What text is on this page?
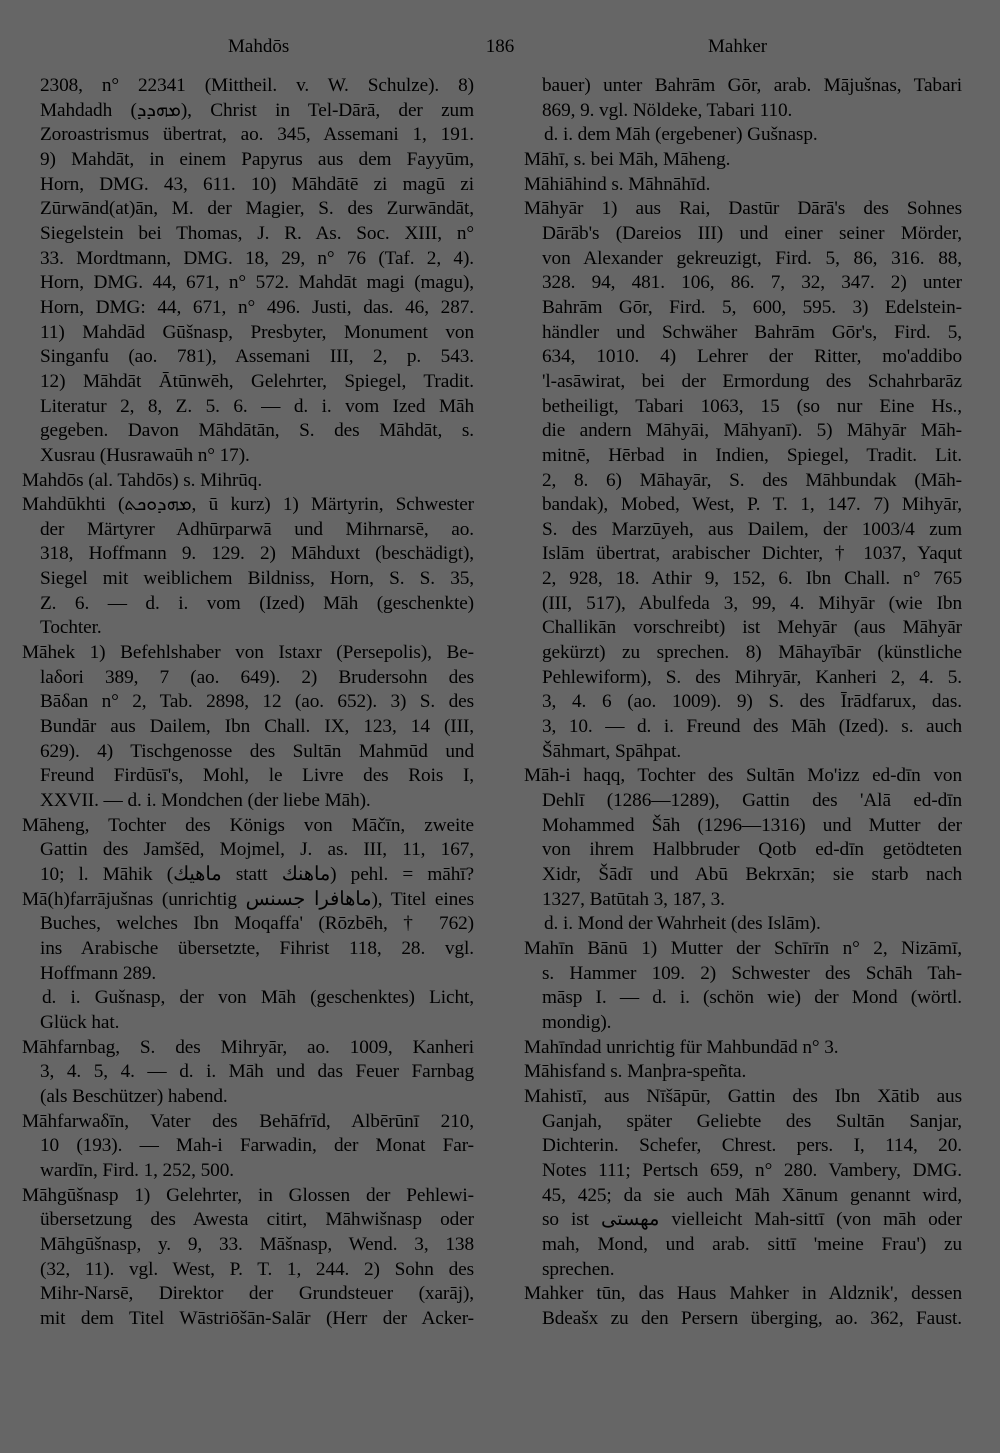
Mahdōs	186	Mahker
2308, n° 22341 (Mittheil. v. W. Schulze). 8)
Mahdadh (ܡܗܕܕ), Christ in Tel-Dārā, der zum
Zoroastrismus übertrat, ao. 345, Assemani 1, 191.
9) Mahdāt, in einem Papyrus aus dem Fayyūm,
Horn, DMG. 43, 611. 10) Māhdātē zi magū zi
Zūrwānd(at)ān, M. der Magier, S. des Zurwāndāt,
Siegelstein bei Thomas, J. R. As. Soc. XIII, n°
33. Mordtmann, DMG. 18, 29, n° 76 (Taf. 2, 4).
Horn, DMG. 44, 671, n° 572. Mahdāt magi (magu),
Horn, DMG: 44, 671, n° 496. Justi, das. 46, 287.
11) Mahdād Gūšnasp, Presbyter, Monument von
Singanfu (ao. 781), Assemani III, 2, p. 543.
12) Māhdāt Ātūnwēh, Gelehrter, Spiegel, Tradit.
Literatur 2, 8, Z. 5. 6. — d. i. vom Ized Māh
gegeben. Davon Māhdātān, S. des Māhdāt, s.
Xusrau (Husrawaūh n° 17).
Mahdōs (al. Tahdōs) s. Mihrūq.
Mahdūkhti (ܡܗܕܘܟܬ, ū kurz) 1) Märtyrin, Schwester
der Märtyrer Adhūrparwā und Mihrnarsē, ao.
318, Hoffmann 9. 129. 2) Māhduxt (beschädigt),
Siegel mit weiblichem Bildniss, Horn, S. S. 35,
Z. 6. — d. i. vom (Ized) Māh (geschenkte)
Tochter.
Māhek 1) Befehlshaber von Istaxr (Persepolis), Be-
laδori 389, 7 (ao. 649). 2) Brudersohn des
Bāδan n° 2, Tab. 2898, 12 (ao. 652). 3) S. des
Bundār aus Dailem, Ibn Chall. IX, 123, 14 (III,
629). 4) Tischgenosse des Sultān Mahmūd und
Freund Firdūsī's, Mohl, le Livre des Rois I,
XXVII. — d. i. Mondchen (der liebe Māh).
Māheng, Tochter des Königs von Māčīn, zweite
Gattin des Jamšēd, Mojmel, J. as. III, 11, 167,
10; l. Māhik (ماهيك statt ماهنك) pehl. = māhī?
Mā(h)farrājušnas (unrichtig ماهافرا جسنس), Titel eines
Buches, welches Ibn Moqaffa' (Rōzbēh, † 762)
ins Arabische übersetzte, Fihrist 118, 28. vgl.
Hoffmann 289.
d. i. Gušnasp, der von Māh (geschenktes) Licht,
Glück hat.
Māhfarnbag, S. des Mihryār, ao. 1009, Kanheri
3, 4. 5, 4. — d. i. Māh und das Feuer Farnbag
(als Beschützer) habend.
Māhfarwaδīn, Vater des Behāfrīd, Albērūnī 210,
10 (193). — Mah-i Farwadin, der Monat Far-
wardīn, Fird. 1, 252, 500.
Māhgūšnasp 1) Gelehrter, in Glossen der Pehlewi-
übersetzung des Awesta citirt, Māhwišnasp oder
Māhgūšnasp, y. 9, 33. Māšnasp, Wend. 3, 138
(32, 11). vgl. West, P. T. 1, 244. 2) Sohn des
Mihr-Narsē, Direktor der Grundsteuer (xarāj),
mit dem Titel Wāstriōšān-Salār (Herr der Acker-
bauer) unter Bahrām Gōr, arab. Mājušnas, Tabari
869, 9. vgl. Nöldeke, Tabari 110.
d. i. dem Māh (ergebener) Gušnasp.
Māhī, s. bei Māh, Māheng.
Māhiāhind s. Māhnāhīd.
Māhyār 1) aus Rai, Dastūr Dārā's des Sohnes
Dārāb's (Dareios III) und einer seiner Mörder,
von Alexander gekreuzigt, Fird. 5, 86, 316. 88,
328. 94, 481. 106, 86. 7, 32, 347. 2) unter
Bahrām Gōr, Fird. 5, 600, 595. 3) Edelstein-
händler und Schwäher Bahrām Gōr's, Fird. 5,
634, 1010. 4) Lehrer der Ritter, mo'addibo
'l-asāwirat, bei der Ermordung des Schahrbarāz
betheiligt, Tabari 1063, 15 (so nur Eine Hs.,
die andern Māhyāi, Māhyanī). 5) Māhyār Māh-
mitnē, Hērbad in Indien, Spiegel, Tradit. Lit.
2, 8. 6) Māhayār, S. des Māhbundak (Māh-
bandak), Mobed, West, P. T. 1, 147. 7) Mihyār,
S. des Marzūyeh, aus Dailem, der 1003/4 zum
Islām übertrat, arabischer Dichter, † 1037, Yaqut
2, 928, 18. Athir 9, 152, 6. Ibn Chall. n° 765
(III, 517), Abulfeda 3, 99, 4. Mihyār (wie Ibn
Challikān vorschreibt) ist Mehyār (aus Māhyār
gekürzt) zu sprechen. 8) Māhayībār (künstliche
Pehlewiform), S. des Mihryār, Kanheri 2, 4. 5.
3, 4. 6 (ao. 1009). 9) S. des Īrādfarux, das.
3, 10. — d. i. Freund des Māh (Ized). s. auch
Šāhmart, Spāhpat.
Māh-i haqq, Tochter des Sultān Mo'izz ed-dīn von
Dehlī (1286—1289), Gattin des 'Alā ed-dīn
Mohammed Šāh (1296—1316) und Mutter der
von ihrem Halbbruder Qotb ed-dīn getödteten
Xidr, Šādī und Abū Bekrxān; sie starb nach
1327, Batūtah 3, 187, 3.
d. i. Mond der Wahrheit (des Islām).
Mahīn Bānū 1) Mutter der Schīrīn n° 2, Nizāmī,
s. Hammer 109. 2) Schwester des Schāh Tah-
māsp I. — d. i. (schön wie) der Mond (wörtl.
mondig).
Mahīndad unrichtig für Mahbundād n° 3.
Māhisfand s. Manþra-speñta.
Mahistī, aus Nīšāpūr, Gattin des Ibn Xātib aus
Ganjah, später Geliebte des Sultān Sanjar,
Dichterin. Schefer, Chrest. pers. I, 114, 20.
Notes 111; Pertsch 659, n° 280. Vambery, DMG.
45, 425; da sie auch Māh Xānum genannt wird,
so ist مهستى vielleicht Mah-sittī (von māh oder
mah, Mond, und arab. sittī 'meine Frau') zu
sprechen.
Mahker tūn, das Haus Mahker in Aldznik', dessen
Bdeašx zu den Persern überging, ao. 362, Faust.
